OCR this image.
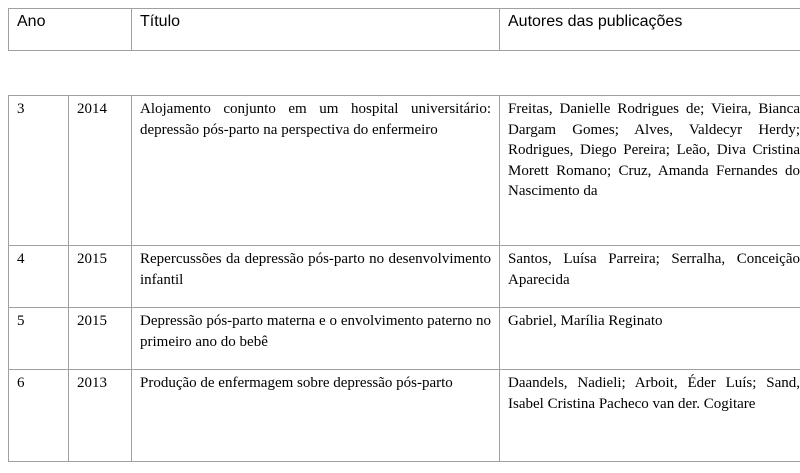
Ano	Título	Autores das publicações
3	2014	Alojamento conjunto em um hospital universitário: depressão pós-parto na perspectiva do enfermeiro	Freitas, Danielle Rodrigues de; Vieira, Bianca Dargam Gomes; Alves, Valdecyr Herdy; Rodrigues, Diego Pereira; Leão, Diva Cristina Morett Romano; Cruz, Amanda Fernandes do Nascimento da
4	2015	Repercussões da depressão pós-parto no desenvolvimento infantil	Santos, Luísa Parreira; Serralha, Conceição Aparecida
5	2015	Depressão pós-parto materna e o envolvimento paterno no primeiro ano do bebê	Gabriel, Marília Reginato
6	2013	Produção de enfermagem sobre depressão pós-parto	Daandels, Nadieli; Arboit, Éder Luís; Sand, Isabel Cristina Pacheco van der. Cogitare
